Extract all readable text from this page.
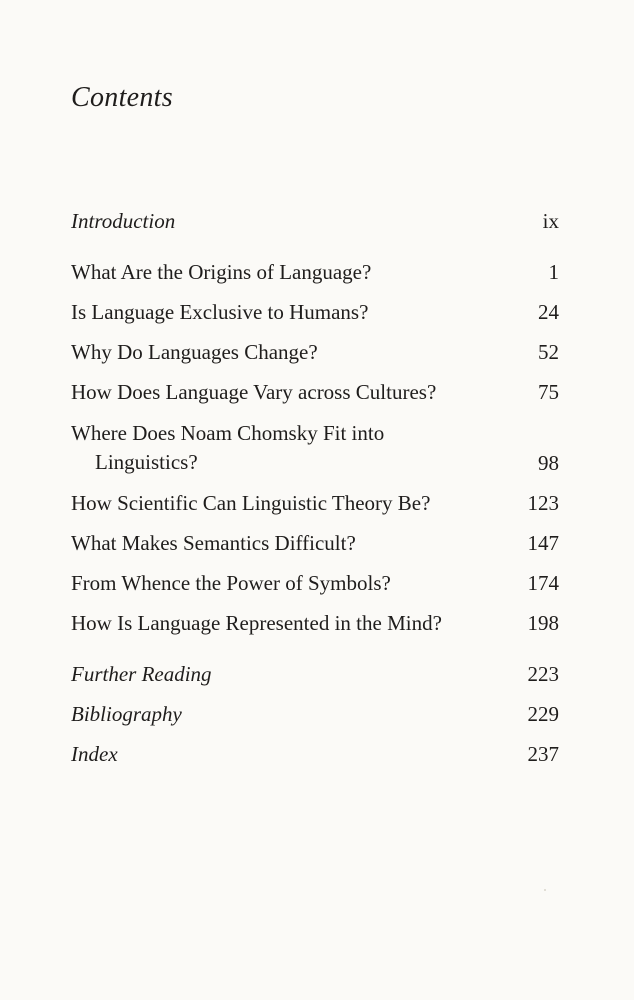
Contents
Introduction	ix
What Are the Origins of Language?	1
Is Language Exclusive to Humans?	24
Why Do Languages Change?	52
How Does Language Vary across Cultures?	75
Where Does Noam Chomsky Fit into Linguistics?	98
How Scientific Can Linguistic Theory Be?	123
What Makes Semantics Difficult?	147
From Whence the Power of Symbols?	174
How Is Language Represented in the Mind?	198
Further Reading	223
Bibliography	229
Index	237
